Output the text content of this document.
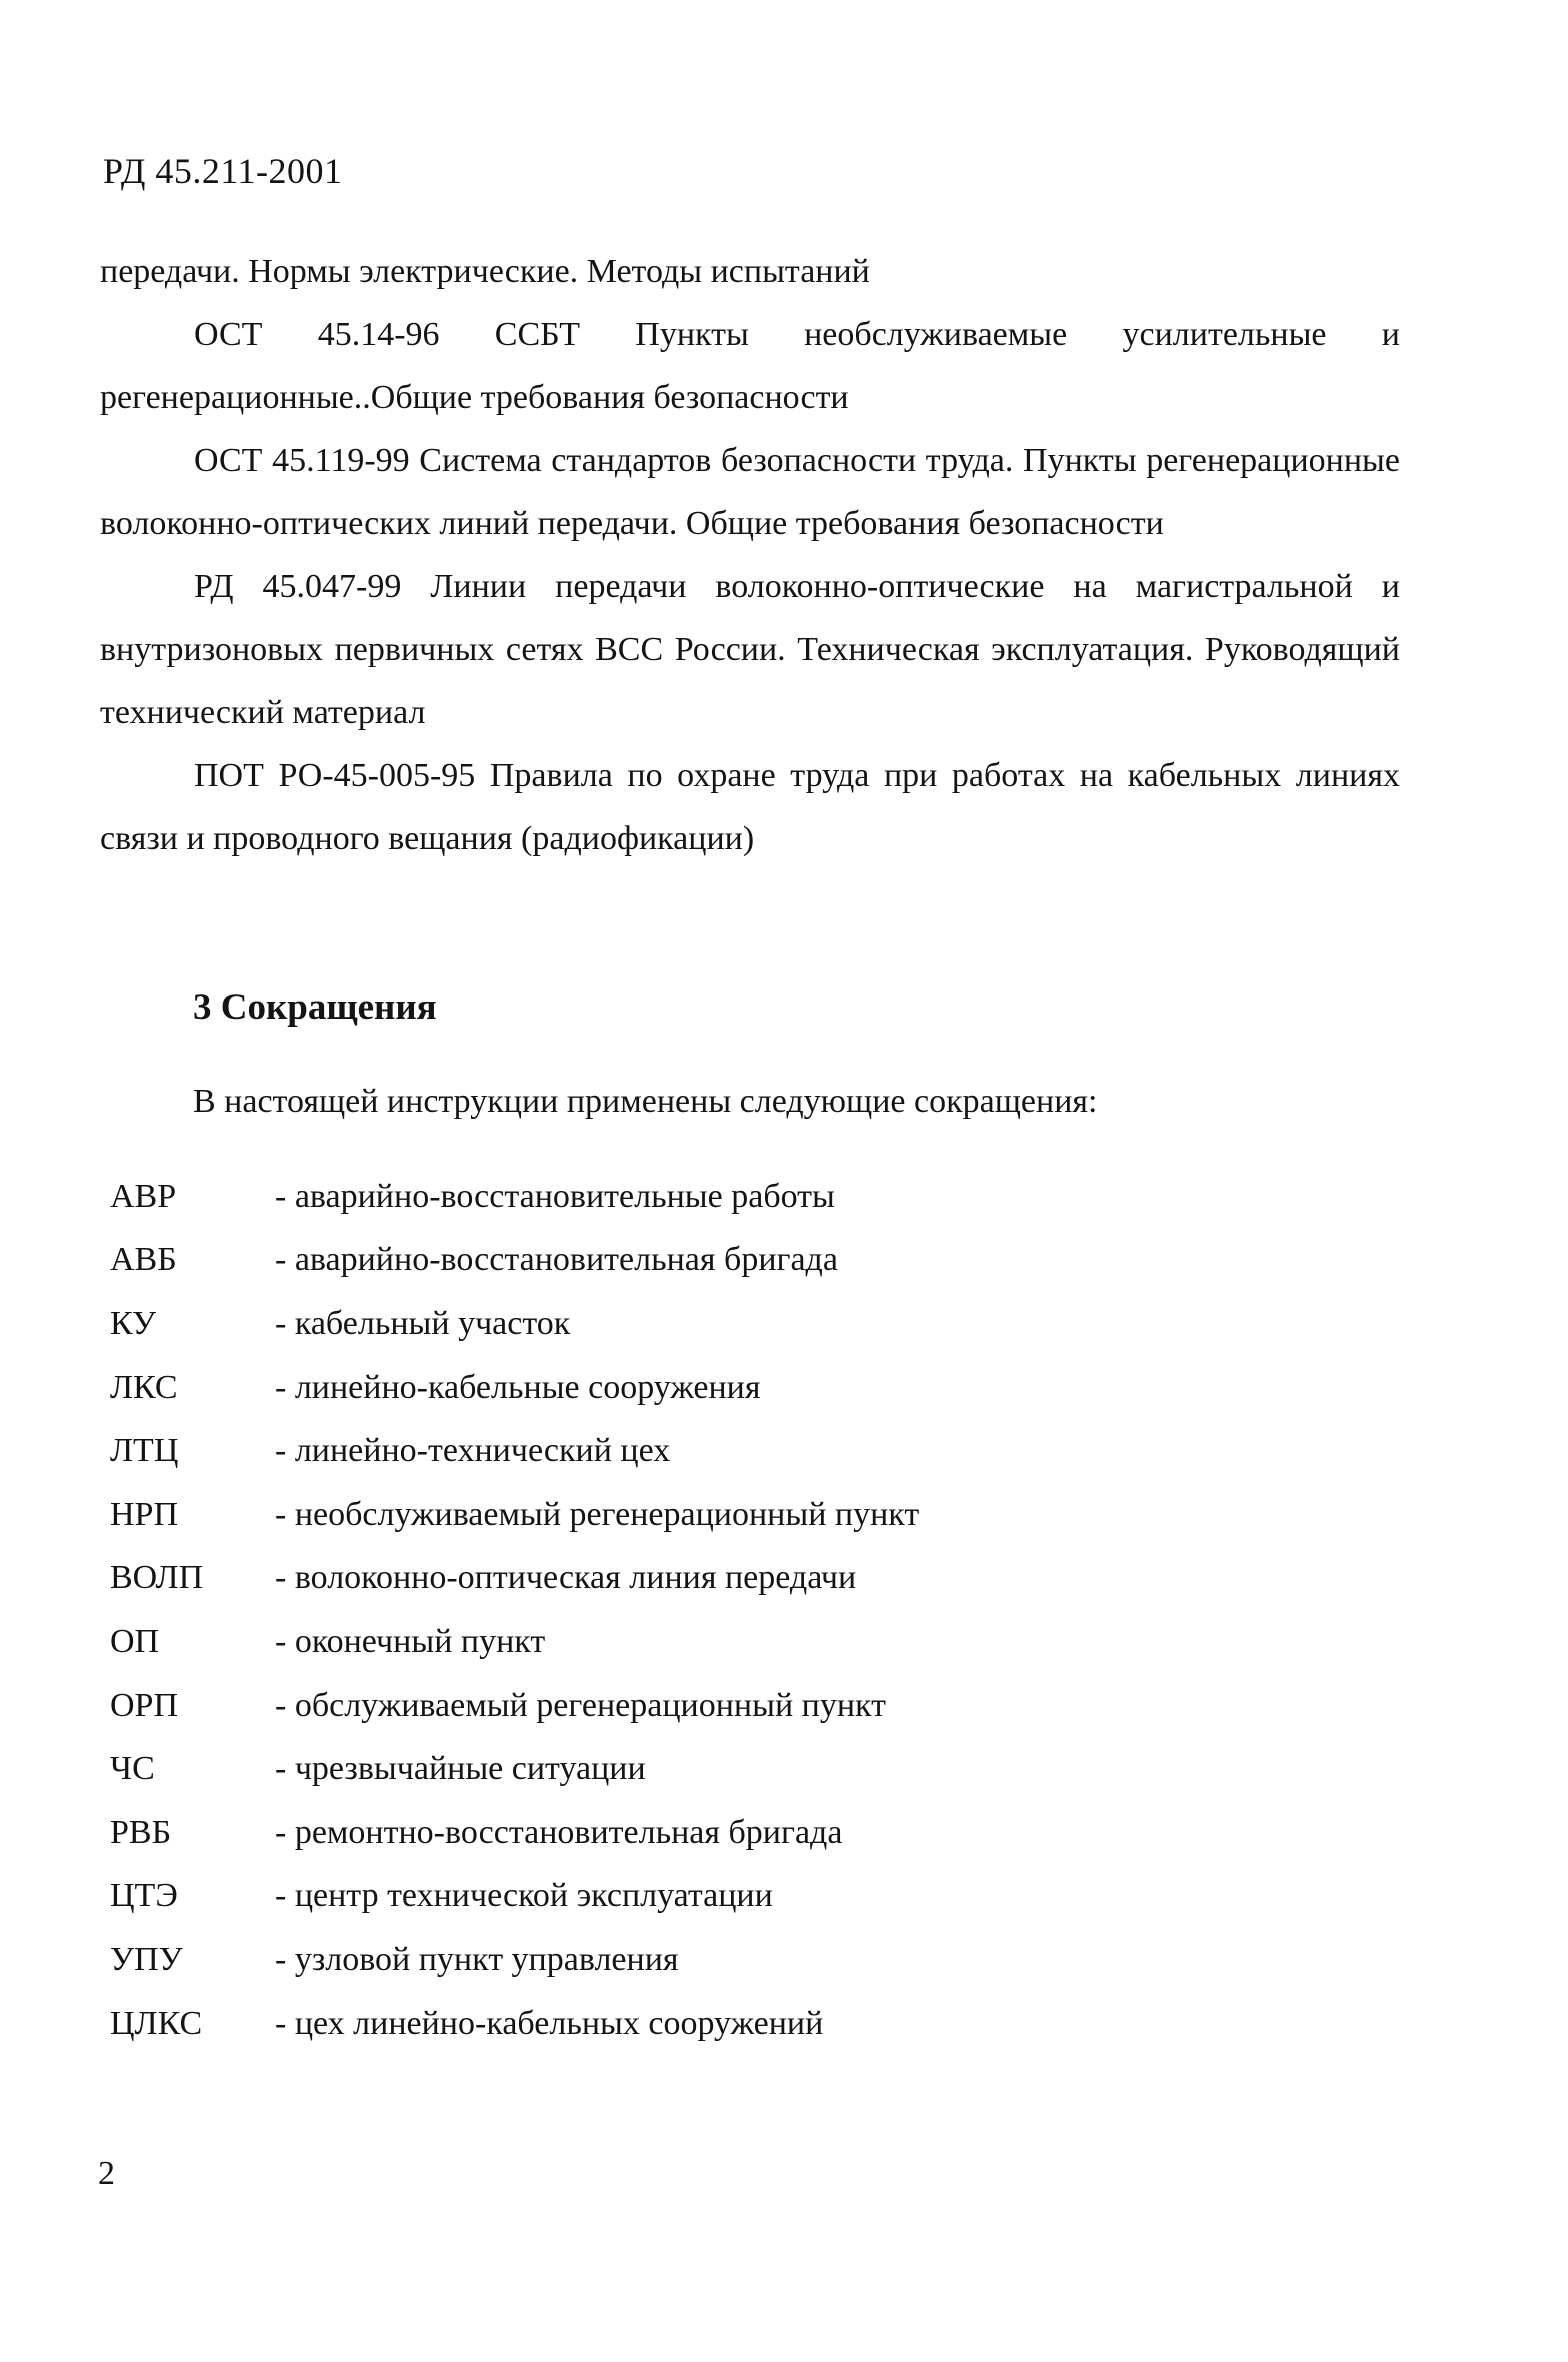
РД 45.211-2001

передачи. Нормы электрические. Методы испытаний

ОСТ 45.14-96 ССБТ Пункты необслуживаемые усилительные и регенерационные..Общие требования безопасности

ОСТ 45.119-99 Система стандартов безопасности труда. Пункты регенерационные волоконно-оптических линий передачи. Общие требования безопасности

РД 45.047-99 Линии передачи волоконно-оптические на магистральной и внутризоновых первичных сетях ВСС России. Техническая эксплуатация. Руководящий технический материал

ПОТ РО-45-005-95 Правила по охране труда при работах на кабельных линиях связи и проводного вещания (радиофикации)

3 Сокращения
В настоящей инструкции применены следующие сокращения:
АВР	- аварийно-восстановительные работы
АВБ	- аварийно-восстановительная бригада
КУ	- кабельный участок
ЛКС	- линейно-кабельные сооружения
ЛТЦ	- линейно-технический цех
НРП	- необслуживаемый регенерационный пункт
ВОЛП	- волоконно-оптическая линия передачи
ОП	- оконечный пункт
ОРП	- обслуживаемый регенерационный пункт
ЧС	- чрезвычайные ситуации
РВБ	- ремонтно-восстановительная бригада
ЦТЭ	- центр технической эксплуатации
УПУ	- узловой пункт управления
ЦЛКС	- цех линейно-кабельных сооружений
2
